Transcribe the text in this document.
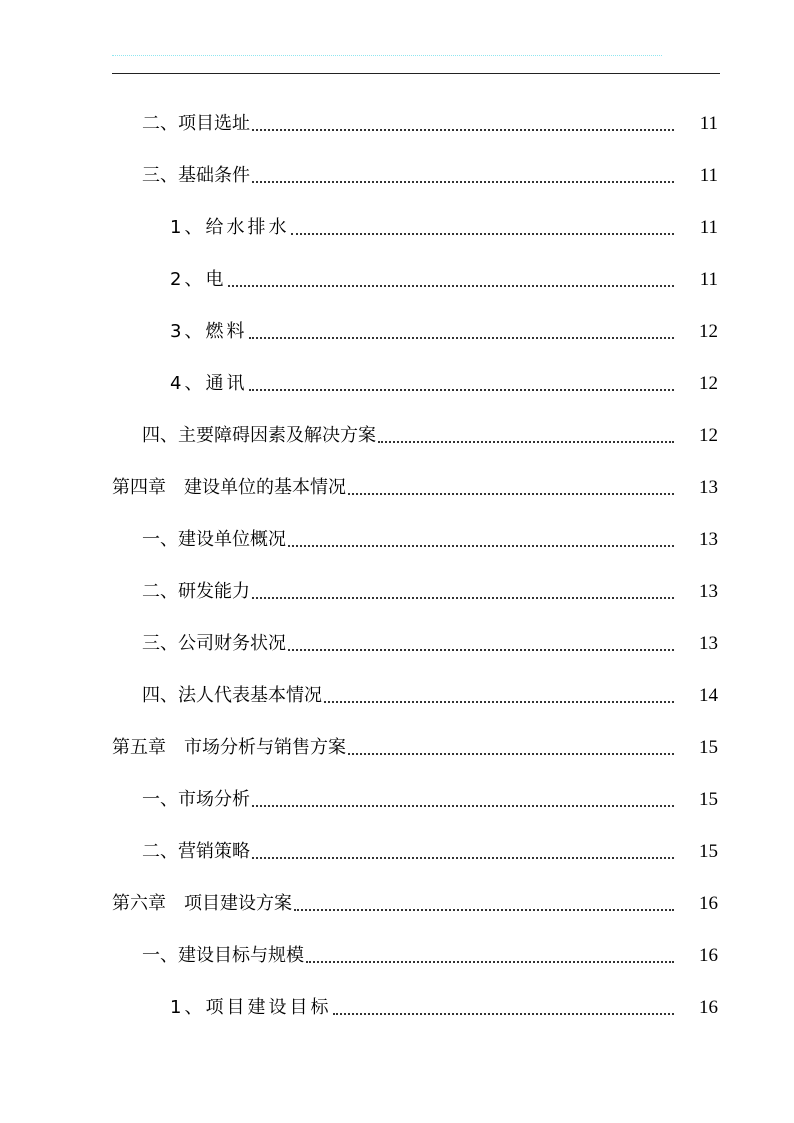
二、项目选址	11
三、基础条件	11
1、给水排水	11
2、电	11
3、燃料	12
4、通讯	12
四、主要障碍因素及解决方案	12
第四章　建设单位的基本情况	13
一、建设单位概况	13
二、研发能力	13
三、公司财务状况	13
四、法人代表基本情况	14
第五章　市场分析与销售方案	15
一、市场分析	15
二、营销策略	15
第六章　项目建设方案	16
一、建设目标与规模	16
1、项目建设目标	16
